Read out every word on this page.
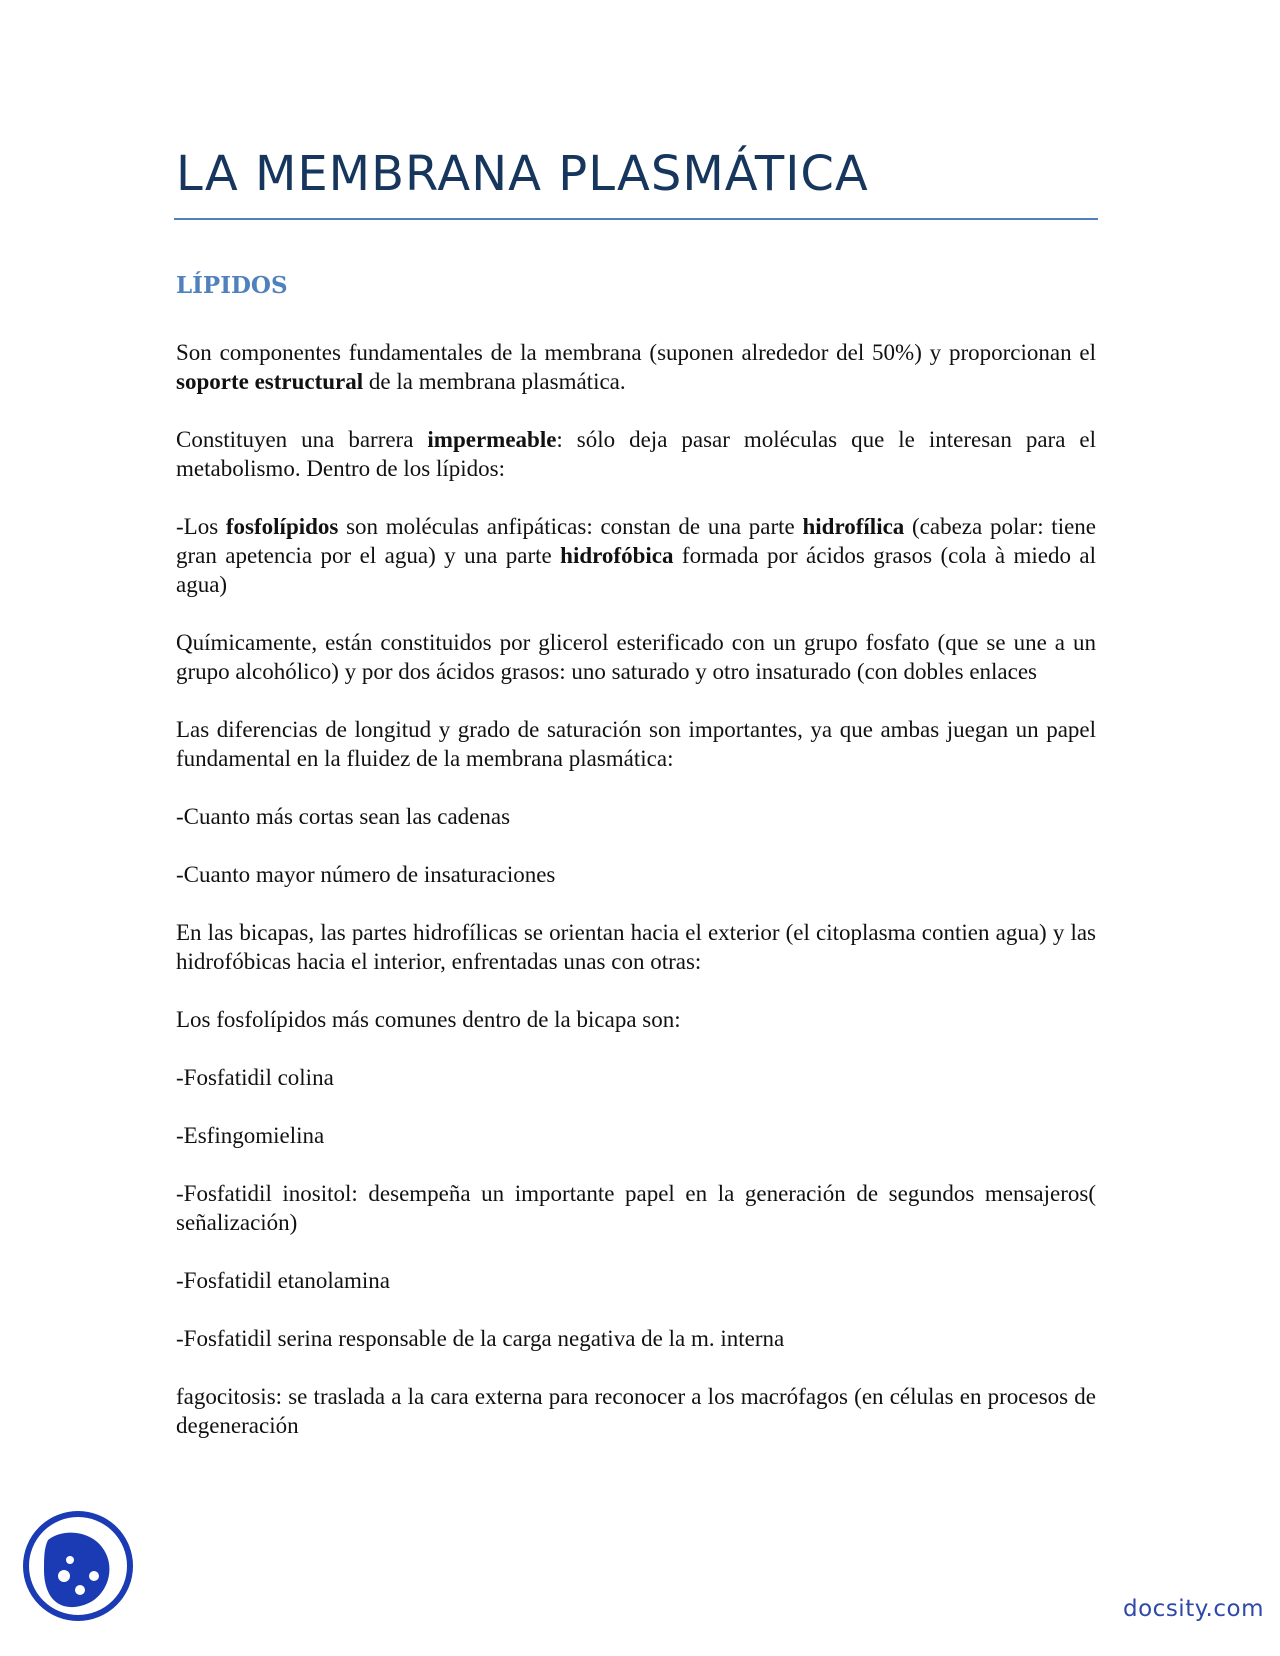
LA MEMBRANA PLASMÁTICA
LÍPIDOS

Son componentes fundamentales de la membrana (suponen alrededor del 50%) y proporcionan el soporte estructural de la membrana plasmática.

Constituyen una barrera impermeable: sólo deja pasar moléculas que le interesan para el metabolismo. Dentro de los lípidos:

-Los fosfolípidos son moléculas anfipáticas: constan de una parte hidrofílica (cabeza polar: tiene gran apetencia por el agua) y una parte hidrofóbica formada por ácidos grasos (cola à miedo al agua)

Químicamente, están constituidos por glicerol esterificado con un grupo fosfato (que se une a un grupo alcohólico) y por dos ácidos grasos: uno saturado y otro insaturado (con dobles enlaces

Las diferencias de longitud y grado de saturación son importantes, ya que ambas juegan un papel fundamental en la fluidez de la membrana plasmática:

-Cuanto más cortas sean las cadenas

-Cuanto mayor número de insaturaciones

En las bicapas, las partes hidrofílicas se orientan hacia el exterior (el citoplasma contien agua) y las hidrofóbicas hacia el interior, enfrentadas unas con otras:

Los fosfolípidos más comunes dentro de la bicapa son:

-Fosfatidil colina

-Esfingomielina

-Fosfatidil inositol: desempeña un importante papel en la generación de segundos mensajeros( señalización)

-Fosfatidil etanolamina

-Fosfatidil serina responsable de la carga negativa de la m. interna

fagocitosis: se traslada a la cara externa para reconocer a los macrófagos (en células en procesos de degeneración

docsity.com
